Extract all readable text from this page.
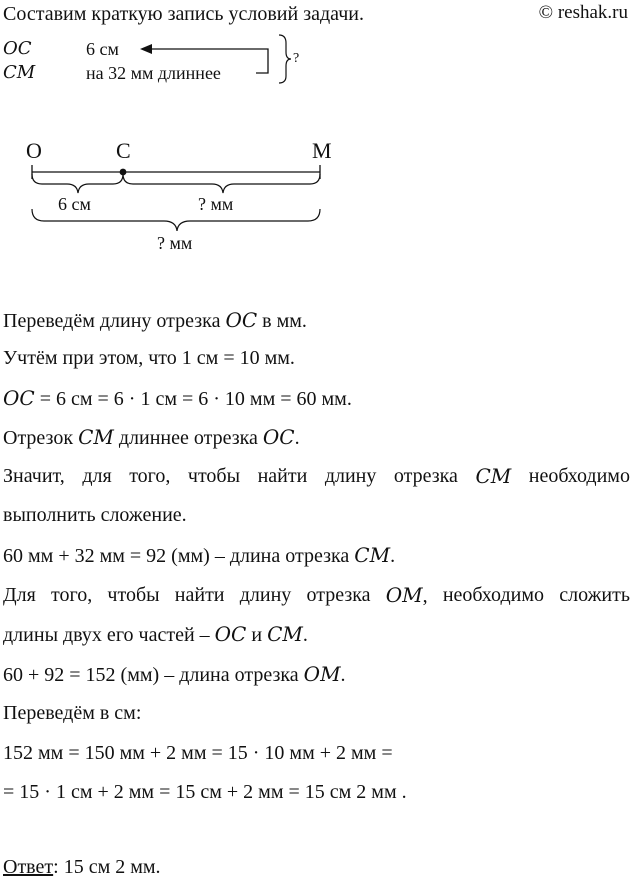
Составим краткую запись условий задачи.	© reshak.ru
OC	6 см
CM	на 32 мм длиннее
?
O	C	M
6 см	? мм
? мм
Переведём длину отрезка OC в мм.
Учтём при этом, что 1 см = 10 мм.
OC = 6 см = 6 · 1 см = 6 · 10 мм = 60 мм.
Отрезок CM длиннее отрезка OC.
Значит, для того, чтобы найти длину отрезка CM необходимо
выполнить сложение.
60 мм + 32 мм = 92 (мм) – длина отрезка CM.
Для того, чтобы найти длину отрезка OM, необходимо сложить
длины двух его частей – OC и CM.
60 + 92 = 152 (мм) – длина отрезка OM.
Переведём в см:
152 мм = 150 мм + 2 мм = 15 · 10 мм + 2 мм =
= 15 · 1 см + 2 мм = 15 см + 2 мм = 15 см 2 мм .
Ответ: 15 см 2 мм.
